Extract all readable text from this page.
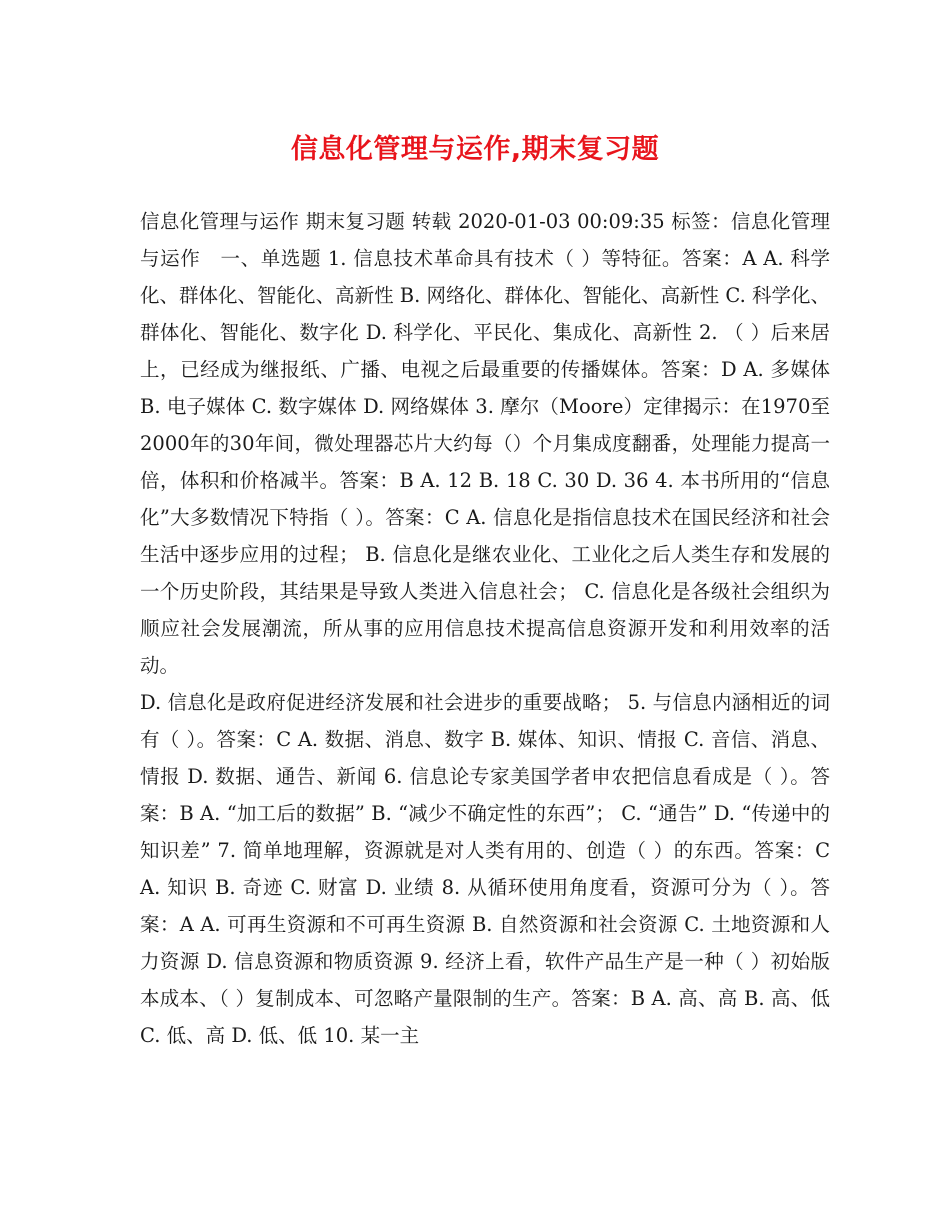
信息化管理与运作,期末复习题

信息化管理与运作 期末复习题 转载 2020-01-03 00:09:35 标签：信息化管理与运作　一、单选题 1. 信息技术革命具有技术（ ）等特征。答案：A A. 科学化、群体化、智能化、高新性 B. 网络化、群体化、智能化、高新性 C. 科学化、群体化、智能化、数字化 D. 科学化、平民化、集成化、高新性 2. （ ）后来居上，已经成为继报纸、广播、电视之后最重要的传播媒体。答案：D A. 多媒体 B. 电子媒体 C. 数字媒体 D. 网络媒体 3. 摩尔（Moore）定律揭示：在1970至2000年的30年间，微处理器芯片大约每（）个月集成度翻番，处理能力提高一倍，体积和价格减半。答案：B A. 12 B. 18 C. 30 D. 36 4. 本书所用的“信息化”大多数情况下特指（ ）。答案：C A. 信息化是指信息技术在国民经济和社会生活中逐步应用的过程； B. 信息化是继农业化、工业化之后人类生存和发展的一个历史阶段，其结果是导致人类进入信息社会； C. 信息化是各级社会组织为顺应社会发展潮流，所从事的应用信息技术提高信息资源开发和利用效率的活动。

D. 信息化是政府促进经济发展和社会进步的重要战略； 5. 与信息内涵相近的词有（ ）。答案：C A. 数据、消息、数字 B. 媒体、知识、情报 C. 音信、消息、情报 D. 数据、通告、新闻 6. 信息论专家美国学者申农把信息看成是（ ）。答案：B A. “加工后的数据” B. “减少不确定性的东西”； C. “通告” D. “传递中的知识差” 7. 简单地理解，资源就是对人类有用的、创造（ ）的东西。答案：C A. 知识 B. 奇迹 C. 财富 D. 业绩 8. 从循环使用角度看，资源可分为（ ）。答案：A A. 可再生资源和不可再生资源 B. 自然资源和社会资源 C. 土地资源和人力资源 D. 信息资源和物质资源 9. 经济上看，软件产品生产是一种（ ）初始版本成本、（ ）复制成本、可忽略产量限制的生产。答案：B A. 高、高 B. 高、低 C. 低、高 D. 低、低 10. 某一主
